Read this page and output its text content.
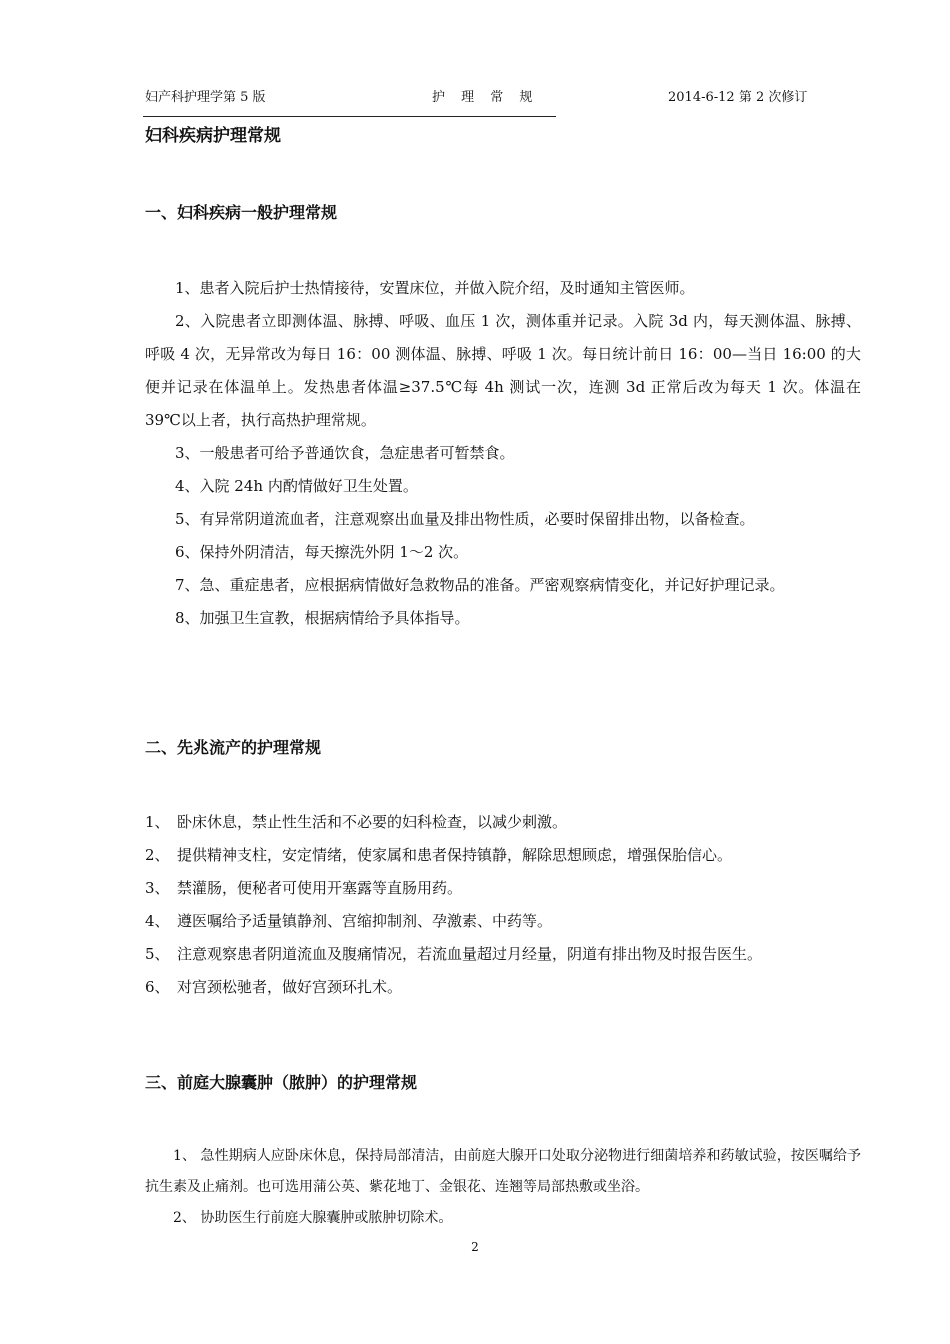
妇产科护理学第 5 版	护 理 常 规	2014-6-12 第 2 次修订
妇科疾病护理常规
一、妇科疾病一般护理常规

1、患者入院后护士热情接待，安置床位，并做入院介绍，及时通知主管医师。

2、入院患者立即测体温、脉搏、呼吸、血压 1 次，测体重并记录。入院 3d 内，每天测体温、脉搏、呼吸 4 次，无异常改为每日 16：00 测体温、脉搏、呼吸 1 次。每日统计前日 16：00—当日 16:00 的大便并记录在体温单上。发热患者体温≥37.5℃每 4h 测试一次，连测 3d 正常后改为每天 1 次。体温在 39℃以上者，执行高热护理常规。

3、一般患者可给予普通饮食，急症患者可暂禁食。

4、入院 24h 内酌情做好卫生处置。

5、有异常阴道流血者，注意观察出血量及排出物性质，必要时保留排出物，以备检查。

6、保持外阴清洁，每天擦洗外阴 1～2 次。

7、急、重症患者，应根据病情做好急救物品的准备。严密观察病情变化，并记好护理记录。

8、加强卫生宣教，根据病情给予具体指导。

二、先兆流产的护理常规
1、 卧床休息，禁止性生活和不必要的妇科检查，以减少刺激。
2、 提供精神支柱，安定情绪，使家属和患者保持镇静，解除思想顾虑，增强保胎信心。
3、 禁灌肠，便秘者可使用开塞露等直肠用药。
4、 遵医嘱给予适量镇静剂、宫缩抑制剂、孕激素、中药等。
5、 注意观察患者阴道流血及腹痛情况，若流血量超过月经量，阴道有排出物及时报告医生。
6、 对宫颈松驰者，做好宫颈环扎术。
三、前庭大腺囊肿（脓肿）的护理常规

1、 急性期病人应卧床休息，保持局部清洁，由前庭大腺开口处取分泌物进行细菌培养和药敏试验，按医嘱给予抗生素及止痛剂。也可选用蒲公英、紫花地丁、金银花、连翘等局部热敷或坐浴。

2、 协助医生行前庭大腺囊肿或脓肿切除术。

2
